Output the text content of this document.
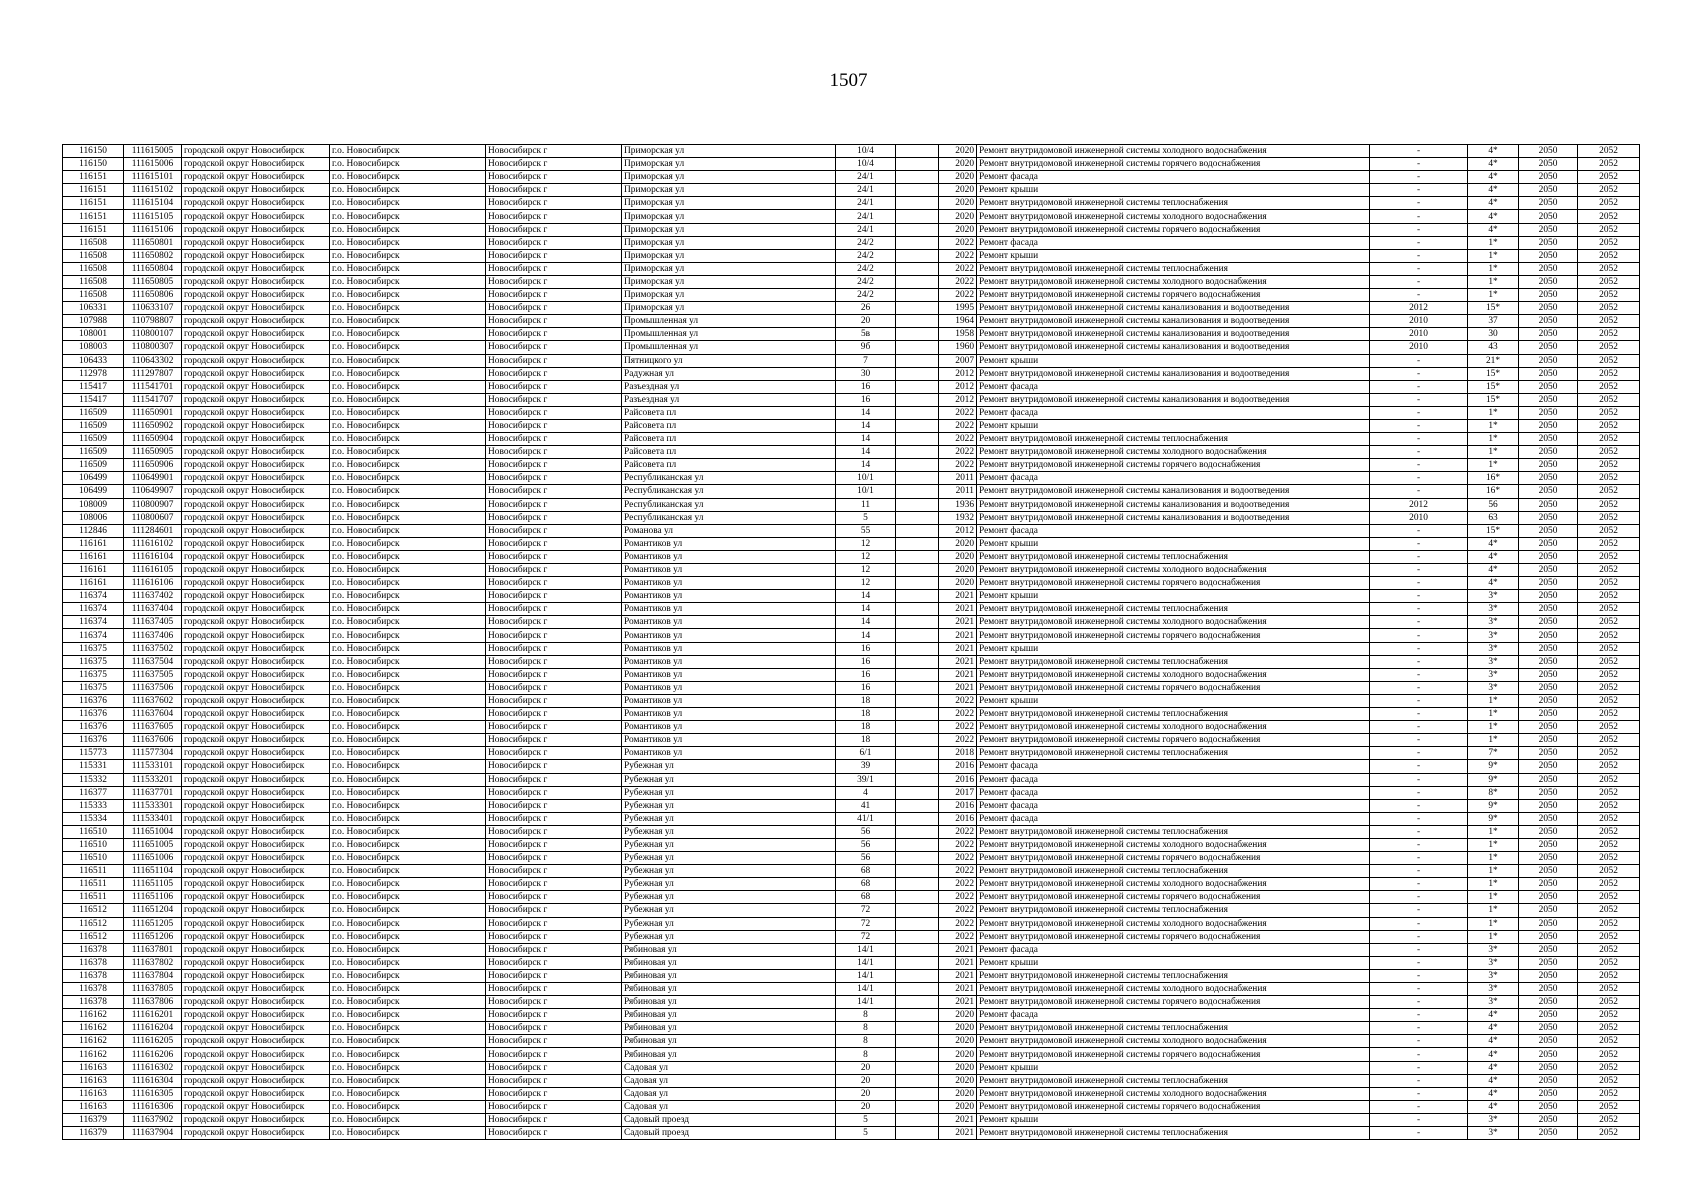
1507
116150	111615005	городской округ Новосибирск	г.о. Новосибирск	Новосибирск г	Приморская ул	10/4		2020	Ремонт внутридомовой инженерной системы холодного водоснабжения	-	4*	2050	2052
116150	111615006	городской округ Новосибирск	г.о. Новосибирск	Новосибирск г	Приморская ул	10/4		2020	Ремонт внутридомовой инженерной системы горячего водоснабжения	-	4*	2050	2052
116151	111615101	городской округ Новосибирск	г.о. Новосибирск	Новосибирск г	Приморская ул	24/1		2020	Ремонт фасада	-	4*	2050	2052
116151	111615102	городской округ Новосибирск	г.о. Новосибирск	Новосибирск г	Приморская ул	24/1		2020	Ремонт крыши	-	4*	2050	2052
116151	111615104	городской округ Новосибирск	г.о. Новосибирск	Новосибирск г	Приморская ул	24/1		2020	Ремонт внутридомовой инженерной системы теплоснабжения	-	4*	2050	2052
116151	111615105	городской округ Новосибирск	г.о. Новосибирск	Новосибирск г	Приморская ул	24/1		2020	Ремонт внутридомовой инженерной системы холодного водоснабжения	-	4*	2050	2052
116151	111615106	городской округ Новосибирск	г.о. Новосибирск	Новосибирск г	Приморская ул	24/1		2020	Ремонт внутридомовой инженерной системы горячего водоснабжения	-	4*	2050	2052
116508	111650801	городской округ Новосибирск	г.о. Новосибирск	Новосибирск г	Приморская ул	24/2		2022	Ремонт фасада	-	1*	2050	2052
116508	111650802	городской округ Новосибирск	г.о. Новосибирск	Новосибирск г	Приморская ул	24/2		2022	Ремонт крыши	-	1*	2050	2052
116508	111650804	городской округ Новосибирск	г.о. Новосибирск	Новосибирск г	Приморская ул	24/2		2022	Ремонт внутридомовой инженерной системы теплоснабжения	-	1*	2050	2052
116508	111650805	городской округ Новосибирск	г.о. Новосибирск	Новосибирск г	Приморская ул	24/2		2022	Ремонт внутридомовой инженерной системы холодного водоснабжения	-	1*	2050	2052
116508	111650806	городской округ Новосибирск	г.о. Новосибирск	Новосибирск г	Приморская ул	24/2		2022	Ремонт внутридомовой инженерной системы горячего водоснабжения	-	1*	2050	2052
106331	110633107	городской округ Новосибирск	г.о. Новосибирск	Новосибирск г	Приморская ул	26		1995	Ремонт внутридомовой инженерной системы канализования и водоотведения	2012	15*	2050	2052
107988	110798807	городской округ Новосибирск	г.о. Новосибирск	Новосибирск г	Промышленная ул	20		1964	Ремонт внутридомовой инженерной системы канализования и водоотведения	2010	37	2050	2052
108001	110800107	городской округ Новосибирск	г.о. Новосибирск	Новосибирск г	Промышленная ул	5в		1958	Ремонт внутридомовой инженерной системы канализования и водоотведения	2010	30	2050	2052
108003	110800307	городской округ Новосибирск	г.о. Новосибирск	Новосибирск г	Промышленная ул	9б		1960	Ремонт внутридомовой инженерной системы канализования и водоотведения	2010	43	2050	2052
106433	110643302	городской округ Новосибирск	г.о. Новосибирск	Новосибирск г	Пятницкого ул	7		2007	Ремонт крыши	-	21*	2050	2052
112978	111297807	городской округ Новосибирск	г.о. Новосибирск	Новосибирск г	Радужная ул	30		2012	Ремонт внутридомовой инженерной системы канализования и водоотведения	-	15*	2050	2052
115417	111541701	городской округ Новосибирск	г.о. Новосибирск	Новосибирск г	Разъездная ул	16		2012	Ремонт фасада	-	15*	2050	2052
115417	111541707	городской округ Новосибирск	г.о. Новосибирск	Новосибирск г	Разъездная ул	16		2012	Ремонт внутридомовой инженерной системы канализования и водоотведения	-	15*	2050	2052
116509	111650901	городской округ Новосибирск	г.о. Новосибирск	Новосибирск г	Райсовета пл	14		2022	Ремонт фасада	-	1*	2050	2052
116509	111650902	городской округ Новосибирск	г.о. Новосибирск	Новосибирск г	Райсовета пл	14		2022	Ремонт крыши	-	1*	2050	2052
116509	111650904	городской округ Новосибирск	г.о. Новосибирск	Новосибирск г	Райсовета пл	14		2022	Ремонт внутридомовой инженерной системы теплоснабжения	-	1*	2050	2052
116509	111650905	городской округ Новосибирск	г.о. Новосибирск	Новосибирск г	Райсовета пл	14		2022	Ремонт внутридомовой инженерной системы холодного водоснабжения	-	1*	2050	2052
116509	111650906	городской округ Новосибирск	г.о. Новосибирск	Новосибирск г	Райсовета пл	14		2022	Ремонт внутридомовой инженерной системы горячего водоснабжения	-	1*	2050	2052
106499	110649901	городской округ Новосибирск	г.о. Новосибирск	Новосибирск г	Республиканская ул	10/1		2011	Ремонт фасада	-	16*	2050	2052
106499	110649907	городской округ Новосибирск	г.о. Новосибирск	Новосибирск г	Республиканская ул	10/1		2011	Ремонт внутридомовой инженерной системы канализования и водоотведения	-	16*	2050	2052
108009	110800907	городской округ Новосибирск	г.о. Новосибирск	Новосибирск г	Республиканская ул	11		1936	Ремонт внутридомовой инженерной системы канализования и водоотведения	2012	56	2050	2052
108006	110800607	городской округ Новосибирск	г.о. Новосибирск	Новосибирск г	Республиканская ул	5		1932	Ремонт внутридомовой инженерной системы канализования и водоотведения	2010	63	2050	2052
112846	111284601	городской округ Новосибирск	г.о. Новосибирск	Новосибирск г	Романова ул	55		2012	Ремонт фасада	-	15*	2050	2052
116161	111616102	городской округ Новосибирск	г.о. Новосибирск	Новосибирск г	Романтиков ул	12		2020	Ремонт крыши	-	4*	2050	2052
116161	111616104	городской округ Новосибирск	г.о. Новосибирск	Новосибирск г	Романтиков ул	12		2020	Ремонт внутридомовой инженерной системы теплоснабжения	-	4*	2050	2052
116161	111616105	городской округ Новосибирск	г.о. Новосибирск	Новосибирск г	Романтиков ул	12		2020	Ремонт внутридомовой инженерной системы холодного водоснабжения	-	4*	2050	2052
116161	111616106	городской округ Новосибирск	г.о. Новосибирск	Новосибирск г	Романтиков ул	12		2020	Ремонт внутридомовой инженерной системы горячего водоснабжения	-	4*	2050	2052
116374	111637402	городской округ Новосибирск	г.о. Новосибирск	Новосибирск г	Романтиков ул	14		2021	Ремонт крыши	-	3*	2050	2052
116374	111637404	городской округ Новосибирск	г.о. Новосибирск	Новосибирск г	Романтиков ул	14		2021	Ремонт внутридомовой инженерной системы теплоснабжения	-	3*	2050	2052
116374	111637405	городской округ Новосибирск	г.о. Новосибирск	Новосибирск г	Романтиков ул	14		2021	Ремонт внутридомовой инженерной системы холодного водоснабжения	-	3*	2050	2052
116374	111637406	городской округ Новосибирск	г.о. Новосибирск	Новосибирск г	Романтиков ул	14		2021	Ремонт внутридомовой инженерной системы горячего водоснабжения	-	3*	2050	2052
116375	111637502	городской округ Новосибирск	г.о. Новосибирск	Новосибирск г	Романтиков ул	16		2021	Ремонт крыши	-	3*	2050	2052
116375	111637504	городской округ Новосибирск	г.о. Новосибирск	Новосибирск г	Романтиков ул	16		2021	Ремонт внутридомовой инженерной системы теплоснабжения	-	3*	2050	2052
116375	111637505	городской округ Новосибирск	г.о. Новосибирск	Новосибирск г	Романтиков ул	16		2021	Ремонт внутридомовой инженерной системы холодного водоснабжения	-	3*	2050	2052
116375	111637506	городской округ Новосибирск	г.о. Новосибирск	Новосибирск г	Романтиков ул	16		2021	Ремонт внутридомовой инженерной системы горячего водоснабжения	-	3*	2050	2052
116376	111637602	городской округ Новосибирск	г.о. Новосибирск	Новосибирск г	Романтиков ул	18		2022	Ремонт крыши	-	1*	2050	2052
116376	111637604	городской округ Новосибирск	г.о. Новосибирск	Новосибирск г	Романтиков ул	18		2022	Ремонт внутридомовой инженерной системы теплоснабжения	-	1*	2050	2052
116376	111637605	городской округ Новосибирск	г.о. Новосибирск	Новосибирск г	Романтиков ул	18		2022	Ремонт внутридомовой инженерной системы холодного водоснабжения	-	1*	2050	2052
116376	111637606	городской округ Новосибирск	г.о. Новосибирск	Новосибирск г	Романтиков ул	18		2022	Ремонт внутридомовой инженерной системы горячего водоснабжения	-	1*	2050	2052
115773	111577304	городской округ Новосибирск	г.о. Новосибирск	Новосибирск г	Романтиков ул	6/1		2018	Ремонт внутридомовой инженерной системы теплоснабжения	-	7*	2050	2052
115331	111533101	городской округ Новосибирск	г.о. Новосибирск	Новосибирск г	Рубежная ул	39		2016	Ремонт фасада	-	9*	2050	2052
115332	111533201	городской округ Новосибирск	г.о. Новосибирск	Новосибирск г	Рубежная ул	39/1		2016	Ремонт фасада	-	9*	2050	2052
116377	111637701	городской округ Новосибирск	г.о. Новосибирск	Новосибирск г	Рубежная ул	4		2017	Ремонт фасада	-	8*	2050	2052
115333	111533301	городской округ Новосибирск	г.о. Новосибирск	Новосибирск г	Рубежная ул	41		2016	Ремонт фасада	-	9*	2050	2052
115334	111533401	городской округ Новосибирск	г.о. Новосибирск	Новосибирск г	Рубежная ул	41/1		2016	Ремонт фасада	-	9*	2050	2052
116510	111651004	городской округ Новосибирск	г.о. Новосибирск	Новосибирск г	Рубежная ул	56		2022	Ремонт внутридомовой инженерной системы теплоснабжения	-	1*	2050	2052
116510	111651005	городской округ Новосибирск	г.о. Новосибирск	Новосибирск г	Рубежная ул	56		2022	Ремонт внутридомовой инженерной системы холодного водоснабжения	-	1*	2050	2052
116510	111651006	городской округ Новосибирск	г.о. Новосибирск	Новосибирск г	Рубежная ул	56		2022	Ремонт внутридомовой инженерной системы горячего водоснабжения	-	1*	2050	2052
116511	111651104	городской округ Новосибирск	г.о. Новосибирск	Новосибирск г	Рубежная ул	68		2022	Ремонт внутридомовой инженерной системы теплоснабжения	-	1*	2050	2052
116511	111651105	городской округ Новосибирск	г.о. Новосибирск	Новосибирск г	Рубежная ул	68		2022	Ремонт внутридомовой инженерной системы холодного водоснабжения	-	1*	2050	2052
116511	111651106	городской округ Новосибирск	г.о. Новосибирск	Новосибирск г	Рубежная ул	68		2022	Ремонт внутридомовой инженерной системы горячего водоснабжения	-	1*	2050	2052
116512	111651204	городской округ Новосибирск	г.о. Новосибирск	Новосибирск г	Рубежная ул	72		2022	Ремонт внутридомовой инженерной системы теплоснабжения	-	1*	2050	2052
116512	111651205	городской округ Новосибирск	г.о. Новосибирск	Новосибирск г	Рубежная ул	72		2022	Ремонт внутридомовой инженерной системы холодного водоснабжения	-	1*	2050	2052
116512	111651206	городской округ Новосибирск	г.о. Новосибирск	Новосибирск г	Рубежная ул	72		2022	Ремонт внутридомовой инженерной системы горячего водоснабжения	-	1*	2050	2052
116378	111637801	городской округ Новосибирск	г.о. Новосибирск	Новосибирск г	Рябиновая ул	14/1		2021	Ремонт фасада	-	3*	2050	2052
116378	111637802	городской округ Новосибирск	г.о. Новосибирск	Новосибирск г	Рябиновая ул	14/1		2021	Ремонт крыши	-	3*	2050	2052
116378	111637804	городской округ Новосибирск	г.о. Новосибирск	Новосибирск г	Рябиновая ул	14/1		2021	Ремонт внутридомовой инженерной системы теплоснабжения	-	3*	2050	2052
116378	111637805	городской округ Новосибирск	г.о. Новосибирск	Новосибирск г	Рябиновая ул	14/1		2021	Ремонт внутридомовой инженерной системы холодного водоснабжения	-	3*	2050	2052
116378	111637806	городской округ Новосибирск	г.о. Новосибирск	Новосибирск г	Рябиновая ул	14/1		2021	Ремонт внутридомовой инженерной системы горячего водоснабжения	-	3*	2050	2052
116162	111616201	городской округ Новосибирск	г.о. Новосибирск	Новосибирск г	Рябиновая ул	8		2020	Ремонт фасада	-	4*	2050	2052
116162	111616204	городской округ Новосибирск	г.о. Новосибирск	Новосибирск г	Рябиновая ул	8		2020	Ремонт внутридомовой инженерной системы теплоснабжения	-	4*	2050	2052
116162	111616205	городской округ Новосибирск	г.о. Новосибирск	Новосибирск г	Рябиновая ул	8		2020	Ремонт внутридомовой инженерной системы холодного водоснабжения	-	4*	2050	2052
116162	111616206	городской округ Новосибирск	г.о. Новосибирск	Новосибирск г	Рябиновая ул	8		2020	Ремонт внутридомовой инженерной системы горячего водоснабжения	-	4*	2050	2052
116163	111616302	городской округ Новосибирск	г.о. Новосибирск	Новосибирск г	Садовая ул	20		2020	Ремонт крыши	-	4*	2050	2052
116163	111616304	городской округ Новосибирск	г.о. Новосибирск	Новосибирск г	Садовая ул	20		2020	Ремонт внутридомовой инженерной системы теплоснабжения	-	4*	2050	2052
116163	111616305	городской округ Новосибирск	г.о. Новосибирск	Новосибирск г	Садовая ул	20		2020	Ремонт внутридомовой инженерной системы холодного водоснабжения	-	4*	2050	2052
116163	111616306	городской округ Новосибирск	г.о. Новосибирск	Новосибирск г	Садовая ул	20		2020	Ремонт внутридомовой инженерной системы горячего водоснабжения	-	4*	2050	2052
116379	111637902	городской округ Новосибирск	г.о. Новосибирск	Новосибирск г	Садовый проезд	5		2021	Ремонт крыши	-	3*	2050	2052
116379	111637904	городской округ Новосибирск	г.о. Новосибирск	Новосибирск г	Садовый проезд	5		2021	Ремонт внутридомовой инженерной системы теплоснабжения	-	3*	2050	2052
